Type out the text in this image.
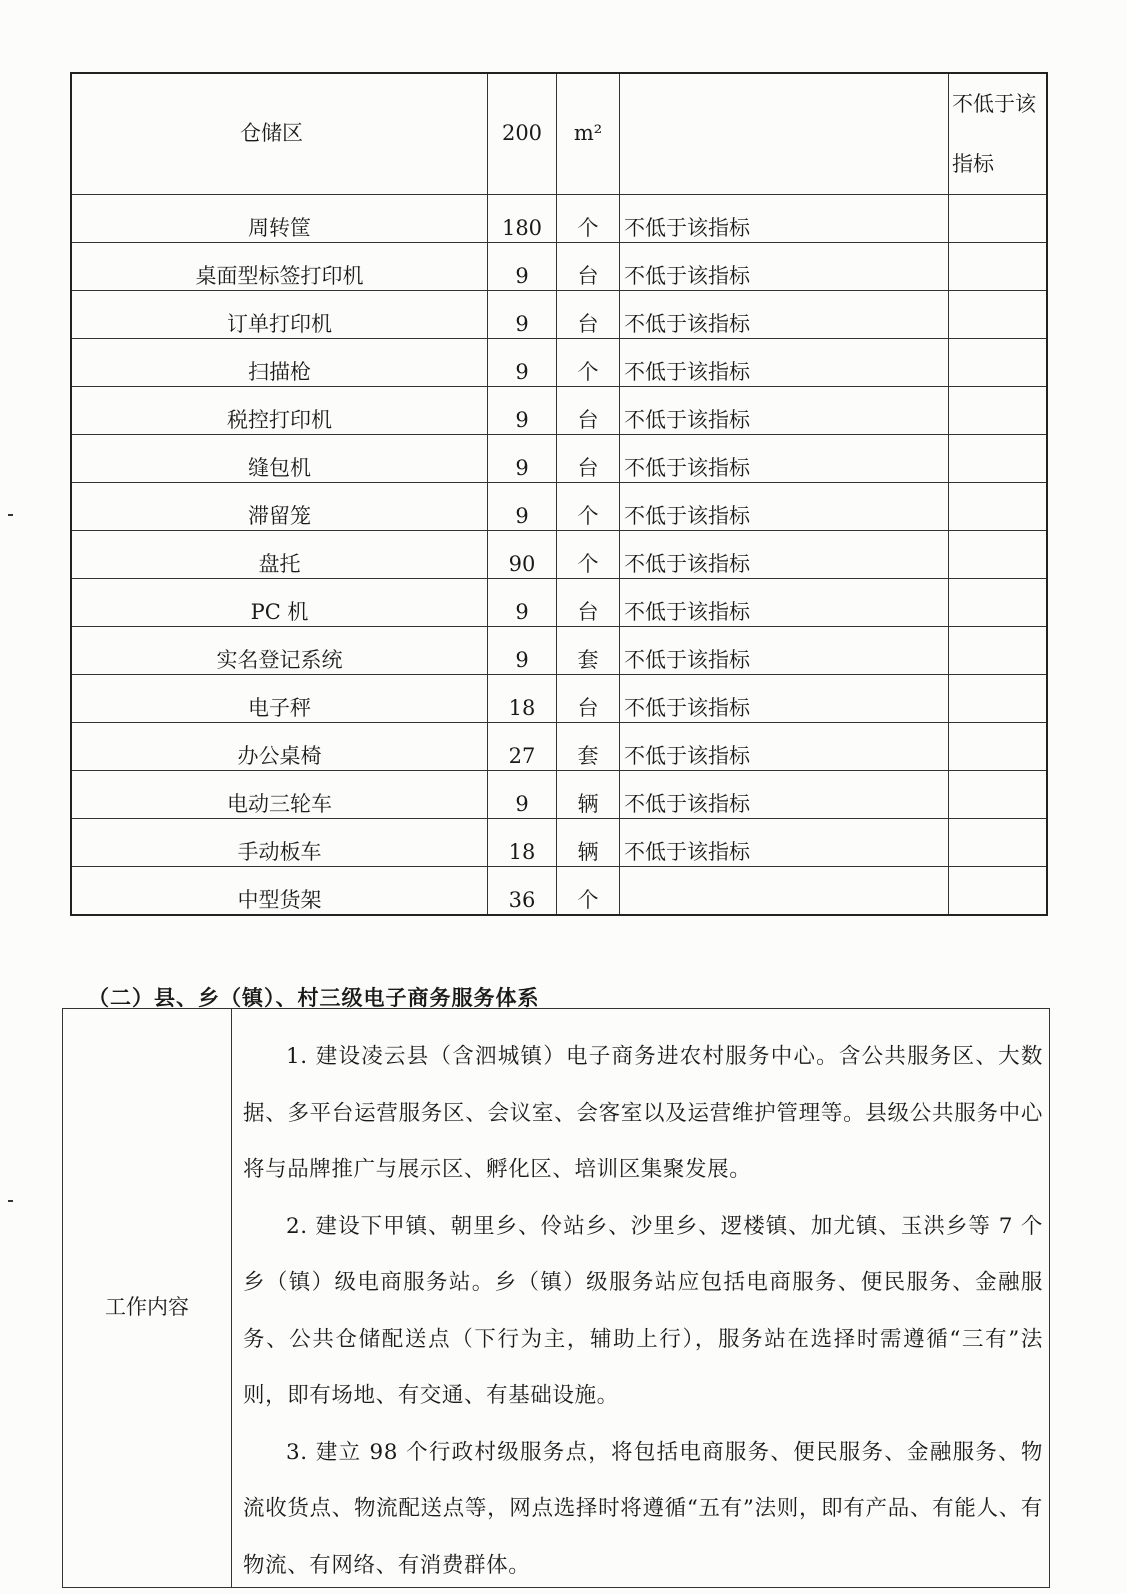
仓储区	200	m²		不低于该指标
周转筐	180	个	不低于该指标	
桌面型标签打印机	9	台	不低于该指标	
订单打印机	9	台	不低于该指标	
扫描枪	9	个	不低于该指标	
税控打印机	9	台	不低于该指标	
缝包机	9	台	不低于该指标	
滞留笼	9	个	不低于该指标	
盘托	90	个	不低于该指标	
PC 机	9	台	不低于该指标	
实名登记系统	9	套	不低于该指标	
电子秤	18	台	不低于该指标	
办公桌椅	27	套	不低于该指标	
电动三轮车	9	辆	不低于该指标	
手动板车	18	辆	不低于该指标	
中型货架	36	个		
（二）县、乡（镇）、村三级电子商务服务体系
工作内容

1. 建设凌云县（含泗城镇）电子商务进农村服务中心。含公共服务区、大数据、多平台运营服务区、会议室、会客室以及运营维护管理等。县级公共服务中心将与品牌推广与展示区、孵化区、培训区集聚发展。

2. 建设下甲镇、朝里乡、伶站乡、沙里乡、逻楼镇、加尤镇、玉洪乡等 7 个乡（镇）级电商服务站。乡（镇）级服务站应包括电商服务、便民服务、金融服务、公共仓储配送点（下行为主，辅助上行），服务站在选择时需遵循“三有”法则，即有场地、有交通、有基础设施。

3. 建立 98 个行政村级服务点，将包括电商服务、便民服务、金融服务、物流收货点、物流配送点等，网点选择时将遵循“五有”法则，即有产品、有能人、有物流、有网络、有消费群体。
